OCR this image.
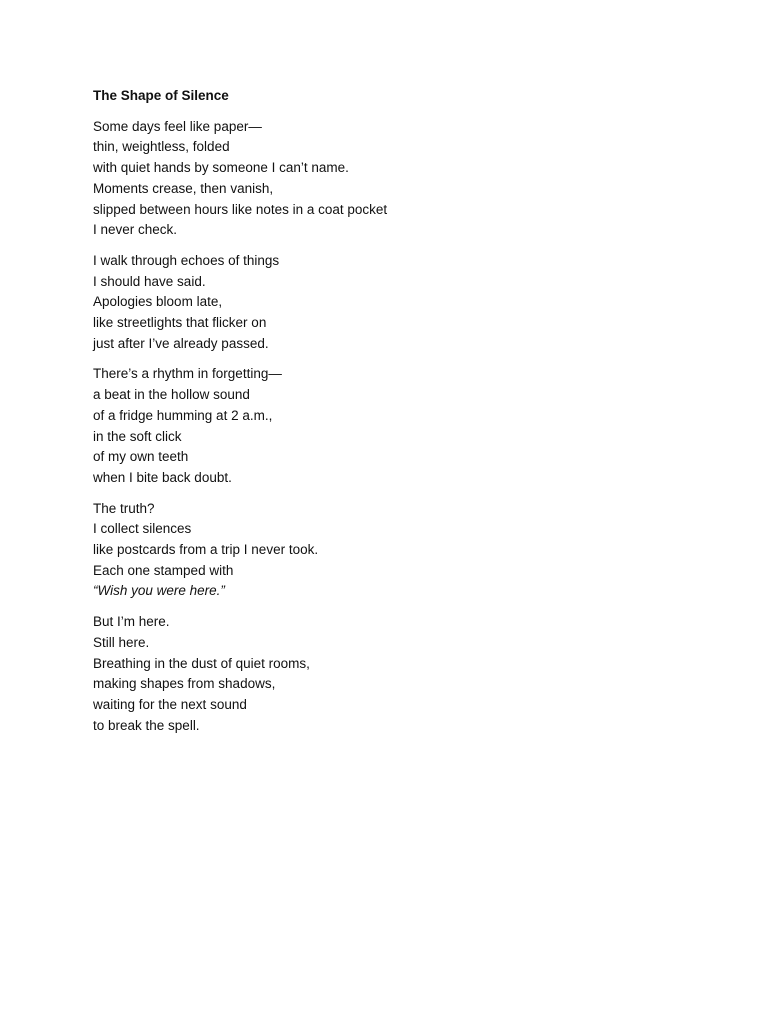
The Shape of Silence
Some days feel like paper—
thin, weightless, folded
with quiet hands by someone I can’t name.
Moments crease, then vanish,
slipped between hours like notes in a coat pocket
I never check.
I walk through echoes of things
I should have said.
Apologies bloom late,
like streetlights that flicker on
just after I’ve already passed.
There’s a rhythm in forgetting—
a beat in the hollow sound
of a fridge humming at 2 a.m.,
in the soft click
of my own teeth
when I bite back doubt.
The truth?
I collect silences
like postcards from a trip I never took.
Each one stamped with
“Wish you were here.”
But I’m here.
Still here.
Breathing in the dust of quiet rooms,
making shapes from shadows,
waiting for the next sound
to break the spell.
